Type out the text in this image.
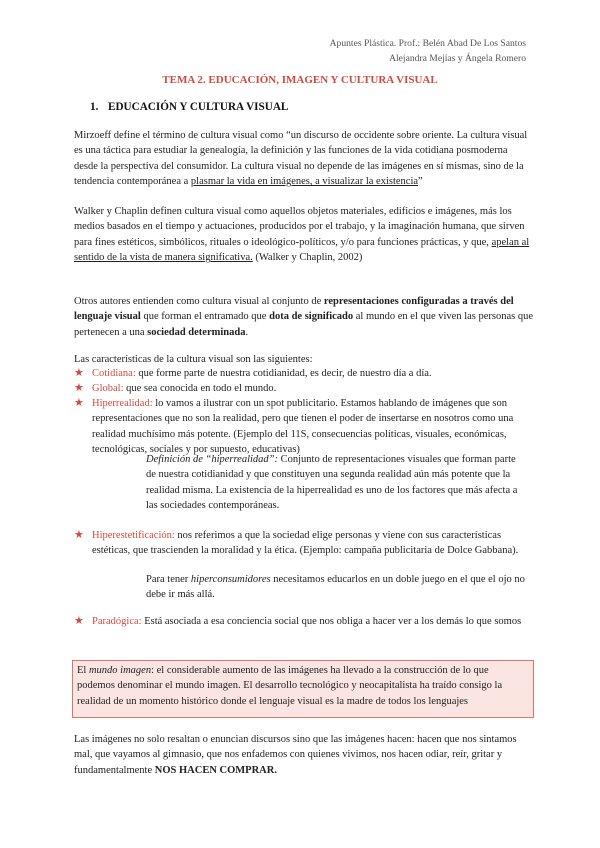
Apuntes Plástica. Prof.: Belén Abad De Los Santos
Alejandra Mejías y Ángela Romero
TEMA 2. EDUCACIÓN, IMAGEN Y CULTURA VISUAL
1. EDUCACIÓN Y CULTURA VISUAL
Mirzoeff define el término de cultura visual como “un discurso de occidente sobre oriente. La cultura visual es una táctica para estudiar la genealogía, la definición y las funciones de la vida cotidiana posmoderna desde la perspectiva del consumidor. La cultura visual no depende de las imágenes en sí mismas, sino de la tendencia contemporánea a plasmar la vida en imágenes, a visualizar la existencia”
Walker y Chaplin definen cultura visual como aquellos objetos materiales, edificios e imágenes, más los medios basados en el tiempo y actuaciones, producidos por el trabajo, y la imaginación humana, que sirven para fines estéticos, simbólicos, rituales o ideológico-políticos, y/o para funciones prácticas, y que, apelan al sentido de la vista de manera significativa. (Walker y Chaplin, 2002)
Otros autores entienden como cultura visual al conjunto de representaciones configuradas a través del lenguaje visual que forman el entramado que dota de significado al mundo en el que viven las personas que pertenecen a una sociedad determinada.
Las características de la cultura visual son las siguientes:
★ Cotidiana: que forme parte de nuestra cotidianidad, es decir, de nuestro día a día.
★ Global: que sea conocida en todo el mundo.
★ Hiperrealidad: lo vamos a ilustrar con un spot publicitario. Estamos hablando de imágenes que son representaciones que no son la realidad, pero que tienen el poder de insertarse en nosotros como una realidad muchísimo más potente. (Ejemplo del 11S, consecuencias políticas, visuales, económicas, tecnológicas, sociales y por supuesto, educativas)
Definición de “hiperrealidad”: Conjunto de representaciones visuales que forman parte de nuestra cotidianidad y que constituyen una segunda realidad aún más potente que la realidad misma. La existencia de la hiperrealidad es uno de los factores que más afecta a las sociedades contemporáneas.
★ Hiperestetificación: nos referimos a que la sociedad elige personas y viene con sus características estéticas, que trascienden la moralidad y la ética. (Ejemplo: campaña publicitaria de Dolce Gabbana).
Para tener hiperconsumidores necesitamos educarlos en un doble juego en el que el ojo no debe ir más allá.
★ Paradógica: Está asociada a esa conciencia social que nos obliga a hacer ver a los demás lo que somos
El mundo imagen: el considerable aumento de las imágenes ha llevado a la construcción de lo que podemos denominar el mundo imagen. El desarrollo tecnológico y neocapitalista ha traído consigo la realidad de un momento histórico donde el lenguaje visual es la madre de todos los lenguajes
Las imágenes no solo resaltan o enuncian discursos sino que las imágenes hacen: hacen que nos sintamos mal, que vayamos al gimnasio, que nos enfademos con quienes vivimos, nos hacen odiar, reír, gritar y fundamentalmente NOS HACEN COMPRAR.
